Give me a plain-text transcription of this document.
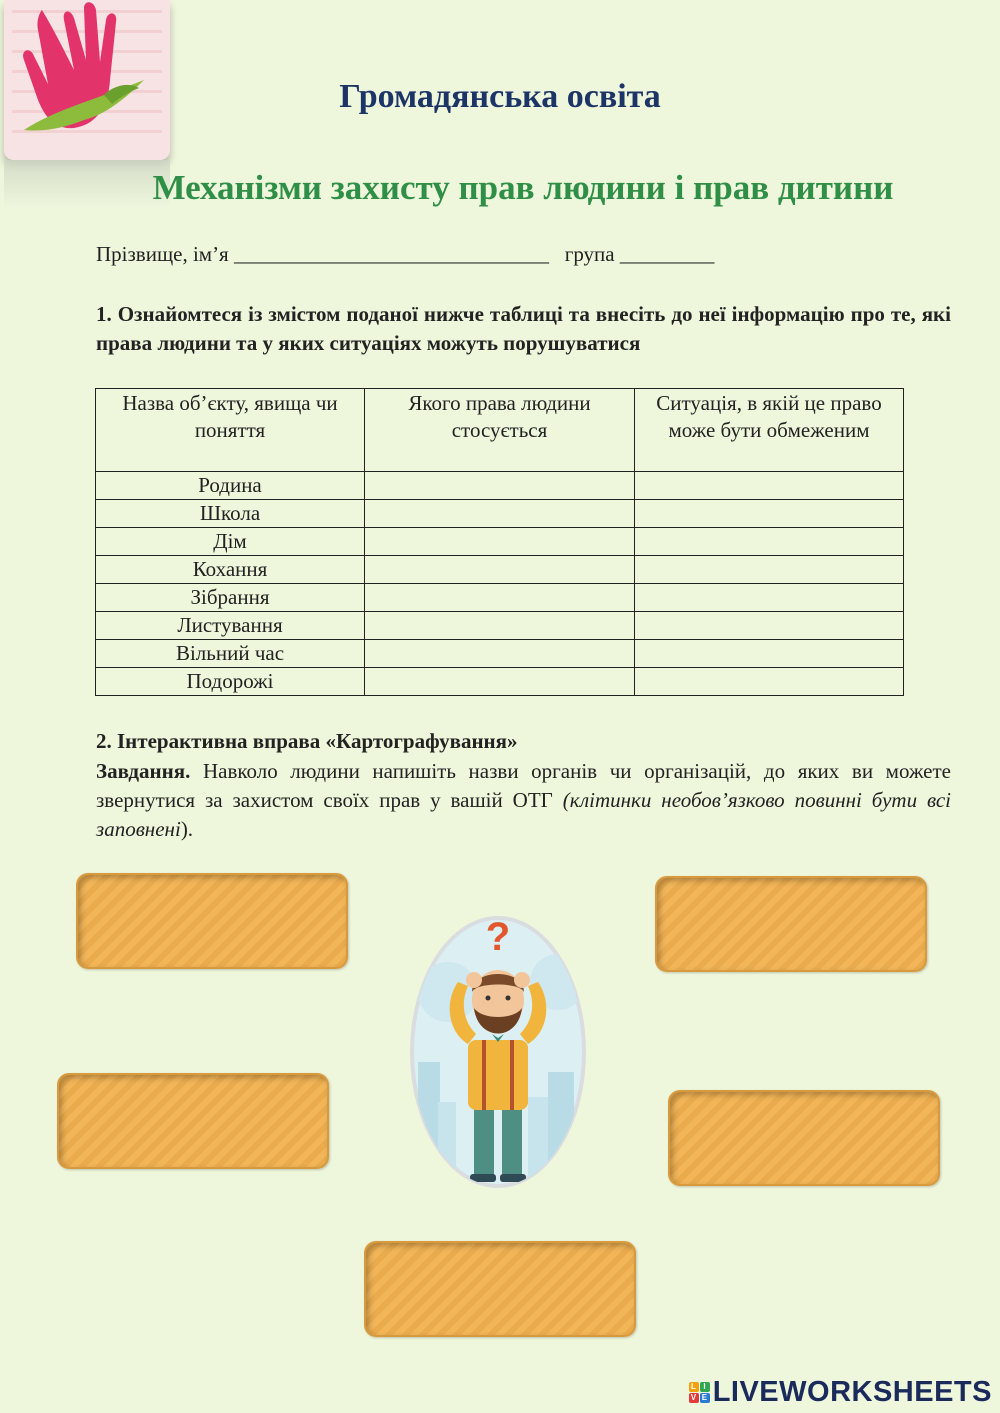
Громадянська освіта
Механізми захисту прав людини і прав дитини
Прізвище, ім’я ______________________________ група _________
1. Ознайомтеся із змістом поданої нижче таблиці та внесіть до неї інформацію про те, які права людини та у яких ситуаціях можуть порушуватися
Назва об’єкту, явища чи поняття	Якого права людини стосується	Ситуація, в якій це право може бути обмеженим
Родина		
Школа		
Дім		
Кохання		
Зібрання		
Листування		
Вільний час		
Подорожі		
2. Інтерактивна вправа «Картографування»
Завдання. Навколо людини напишіть назви органів чи організацій, до яких ви можете звернутися за захистом своїх прав у вашій ОТГ (клітинки необов’язково повинні бути всі заповнені).
?
L I
V E LIVEWORKSHEETS
